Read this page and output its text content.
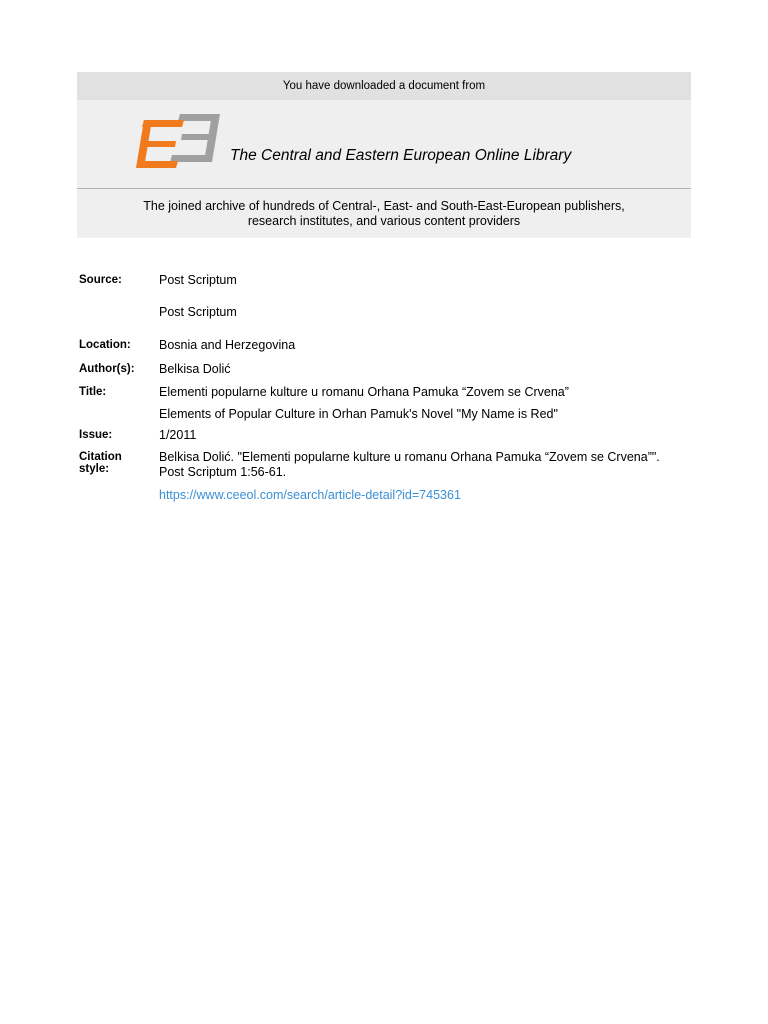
You have downloaded a document from
The Central and Eastern European Online Library
The joined archive of hundreds of Central-, East- and South-East-European publishers,
research institutes, and various content providers
Source:	Post Scriptum
Post Scriptum
Location: Bosnia and Herzegovina
Author(s): Belkisa Dolić
Title:	Elementi popularne kulture u romanu Orhana Pamuka “Zovem se Crvena”
Elements of Popular Culture in Orhan Pamuk's Novel "My Name is Red"
Issue:	1/2011
Citation
style:
Belkisa Dolić. "Elementi popularne kulture u romanu Orhana Pamuka “Zovem se Crvena”".
Post Scriptum 1:56-61.
https://www.ceeol.com/search/article-detail?id=745361
